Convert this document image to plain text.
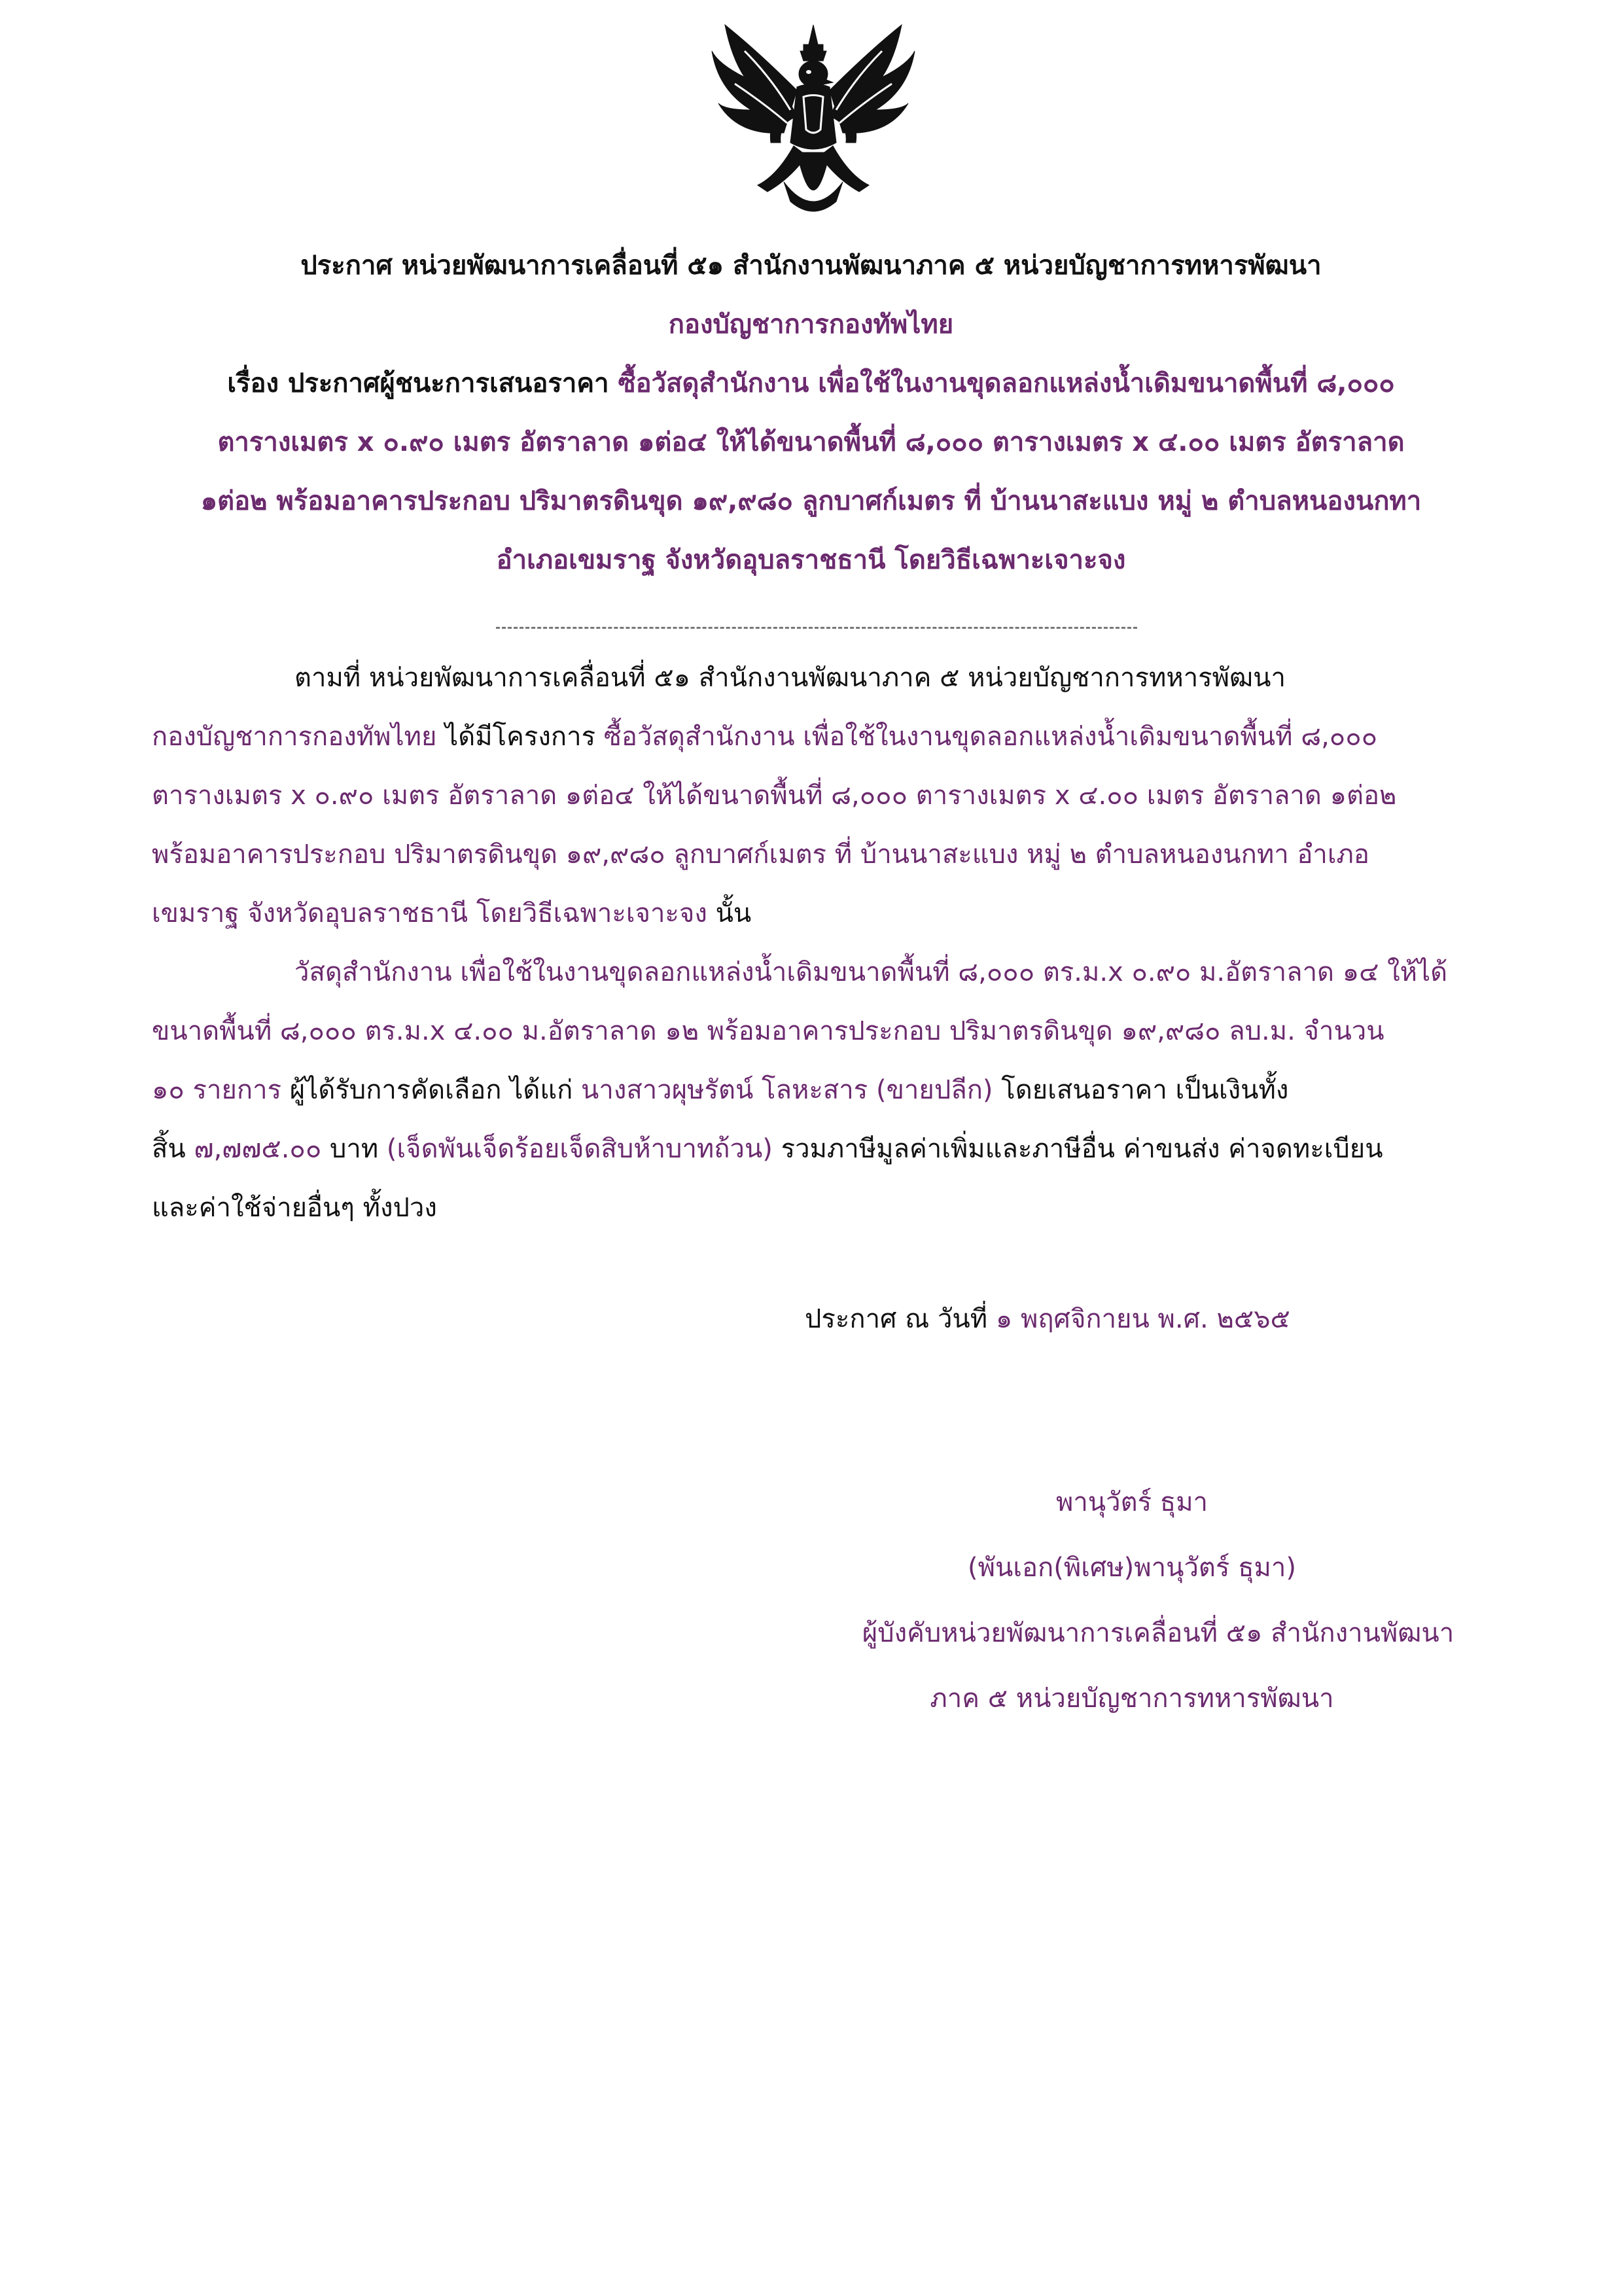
ประกาศ หน่วยพัฒนาการเคลื่อนที่ ๕๑ สำนักงานพัฒนาภาค ๕ หน่วยบัญชาการทหารพัฒนา
กองบัญชาการกองทัพไทย
เรื่อง ประกาศผู้ชนะการเสนอราคา ซื้อวัสดุสำนักงาน เพื่อใช้ในงานขุดลอกแหล่งน้ำเดิมขนาดพื้นที่ ๘,๐๐๐
ตารางเมตร x ๐.๙๐ เมตร อัตราลาด ๑ต่อ๔ ให้ได้ขนาดพื้นที่ ๘,๐๐๐ ตารางเมตร x ๔.๐๐ เมตร อัตราลาด
๑ต่อ๒ พร้อมอาคารประกอบ ปริมาตรดินขุด ๑๙,๙๘๐ ลูกบาศก์เมตร ที่ บ้านนาสะแบง หมู่ ๒ ตำบลหนองนกทา
อำเภอเขมราฐ จังหวัดอุบลราชธานี โดยวิธีเฉพาะเจาะจง
ตามที่ หน่วยพัฒนาการเคลื่อนที่ ๕๑ สำนักงานพัฒนาภาค ๕ หน่วยบัญชาการทหารพัฒนา
กองบัญชาการกองทัพไทย ได้มีโครงการ ซื้อวัสดุสำนักงาน เพื่อใช้ในงานขุดลอกแหล่งน้ำเดิมขนาดพื้นที่ ๘,๐๐๐
ตารางเมตร x ๐.๙๐ เมตร อัตราลาด ๑ต่อ๔ ให้ได้ขนาดพื้นที่ ๘,๐๐๐ ตารางเมตร x ๔.๐๐ เมตร อัตราลาด ๑ต่อ๒
พร้อมอาคารประกอบ ปริมาตรดินขุด ๑๙,๙๘๐ ลูกบาศก์เมตร ที่ บ้านนาสะแบง หมู่ ๒ ตำบลหนองนกทา อำเภอ
เขมราฐ จังหวัดอุบลราชธานี โดยวิธีเฉพาะเจาะจง นั้น
วัสดุสำนักงาน เพื่อใช้ในงานขุดลอกแหล่งน้ำเดิมขนาดพื้นที่ ๘,๐๐๐ ตร.ม.x ๐.๙๐ ม.อัตราลาด ๑๔ ให้ได้
ขนาดพื้นที่ ๘,๐๐๐ ตร.ม.x ๔.๐๐ ม.อัตราลาด ๑๒ พร้อมอาคารประกอบ ปริมาตรดินขุด ๑๙,๙๘๐ ลบ.ม. จำนวน
๑๐ รายการ ผู้ได้รับการคัดเลือก ได้แก่ นางสาวผุษรัตน์ โลหะสาร (ขายปลีก) โดยเสนอราคา เป็นเงินทั้ง
สิ้น ๗,๗๗๕.๐๐ บาท (เจ็ดพันเจ็ดร้อยเจ็ดสิบห้าบาทถ้วน) รวมภาษีมูลค่าเพิ่มและภาษีอื่น ค่าขนส่ง ค่าจดทะเบียน
และค่าใช้จ่ายอื่นๆ ทั้งปวง
ประกาศ ณ วันที่ ๑ พฤศจิกายน พ.ศ. ๒๕๖๕
พานุวัตร์ ธุมา
(พันเอก(พิเศษ)พานุวัตร์ ธุมา)
ผู้บังคับหน่วยพัฒนาการเคลื่อนที่ ๕๑ สำนักงานพัฒนา
ภาค ๕ หน่วยบัญชาการทหารพัฒนา
